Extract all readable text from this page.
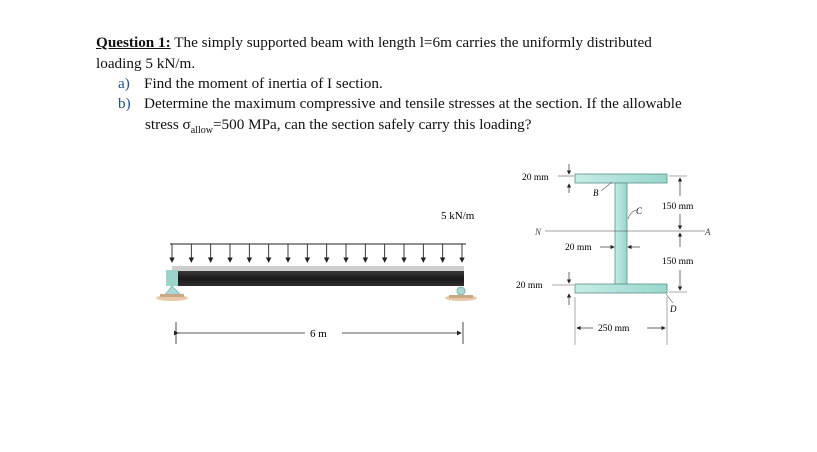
Question 1: The simply supported beam with length l=6m carries the uniformly distributed
loading 5 kN/m.
a) Find the moment of inertia of I section.
b) Determine the maximum compressive and tensile stresses at the section. If the allowable
stress $\sigma_{allow}=500$ MPa, can the section safely carry this loading?
5 kN/m
6 m
N	A
20 mm
B
C
20 mm
150 mm
150 mm
D
20 mm
250 mm
